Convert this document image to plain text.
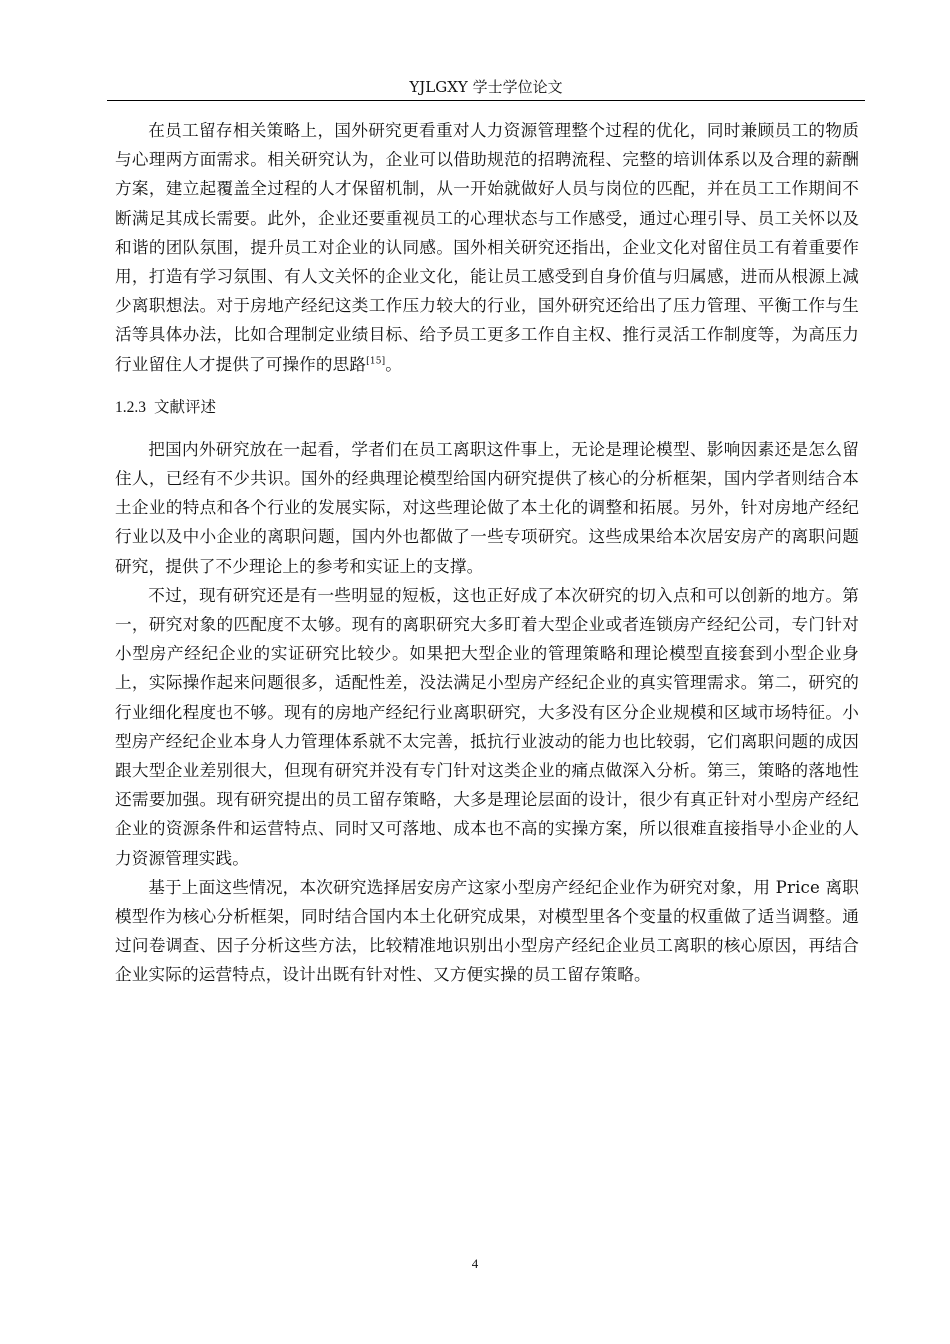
YJLGXY 学士学位论文

在员工留存相关策略上，国外研究更看重对人力资源管理整个过程的优化，同时兼顾员工的物质与心理两方面需求。相关研究认为，企业可以借助规范的招聘流程、完整的培训体系以及合理的薪酬方案，建立起覆盖全过程的人才保留机制，从一开始就做好人员与岗位的匹配，并在员工工作期间不断满足其成长需要。此外，企业还要重视员工的心理状态与工作感受，通过心理引导、员工关怀以及和谐的团队氛围，提升员工对企业的认同感。国外相关研究还指出，企业文化对留住员工有着重要作用，打造有学习氛围、有人文关怀的企业文化，能让员工感受到自身价值与归属感，进而从根源上减少离职想法。对于房地产经纪这类工作压力较大的行业，国外研究还给出了压力管理、平衡工作与生活等具体办法，比如合理制定业绩目标、给予员工更多工作自主权、推行灵活工作制度等，为高压力行业留住人才提供了可操作的思路[15]。

1.2.3 文献评述

把国内外研究放在一起看，学者们在员工离职这件事上，无论是理论模型、影响因素还是怎么留住人，已经有不少共识。国外的经典理论模型给国内研究提供了核心的分析框架，国内学者则结合本土企业的特点和各个行业的发展实际，对这些理论做了本土化的调整和拓展。另外，针对房地产经纪行业以及中小企业的离职问题，国内外也都做了一些专项研究。这些成果给本次居安房产的离职问题研究，提供了不少理论上的参考和实证上的支撑。

不过，现有研究还是有一些明显的短板，这也正好成了本次研究的切入点和可以创新的地方。第一，研究对象的匹配度不太够。现有的离职研究大多盯着大型企业或者连锁房产经纪公司，专门针对小型房产经纪企业的实证研究比较少。如果把大型企业的管理策略和理论模型直接套到小型企业身上，实际操作起来问题很多，适配性差，没法满足小型房产经纪企业的真实管理需求。第二，研究的行业细化程度也不够。现有的房地产经纪行业离职研究，大多没有区分企业规模和区域市场特征。小型房产经纪企业本身人力管理体系就不太完善，抵抗行业波动的能力也比较弱，它们离职问题的成因跟大型企业差别很大，但现有研究并没有专门针对这类企业的痛点做深入分析。第三，策略的落地性还需要加强。现有研究提出的员工留存策略，大多是理论层面的设计，很少有真正针对小型房产经纪企业的资源条件和运营特点、同时又可落地、成本也不高的实操方案，所以很难直接指导小企业的人力资源管理实践。

基于上面这些情况，本次研究选择居安房产这家小型房产经纪企业作为研究对象，用 Price 离职模型作为核心分析框架，同时结合国内本土化研究成果，对模型里各个变量的权重做了适当调整。通过问卷调查、因子分析这些方法，比较精准地识别出小型房产经纪企业员工离职的核心原因，再结合企业实际的运营特点，设计出既有针对性、又方便实操的员工留存策略。

4
